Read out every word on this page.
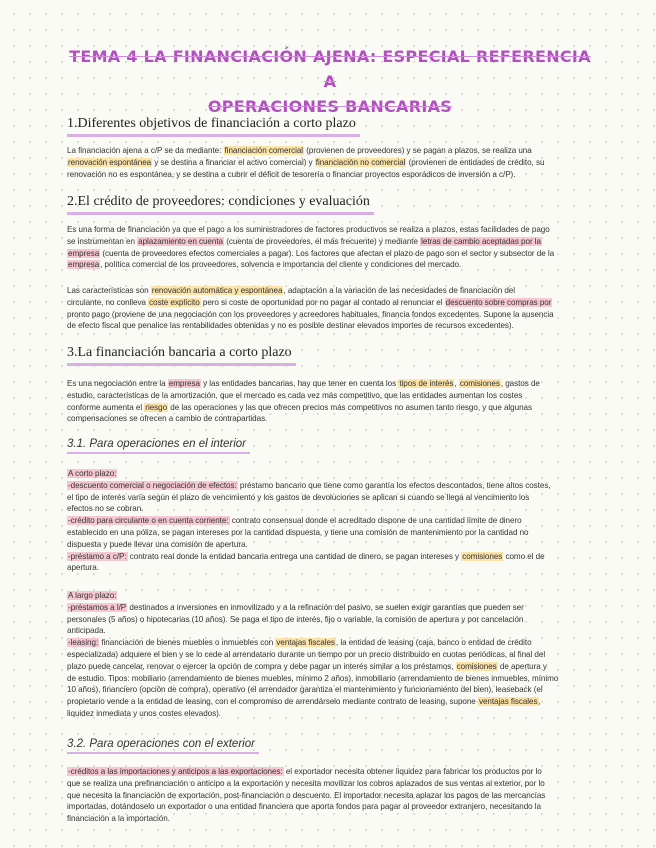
TEMA 4 LA FINANCIACIÓN AJENA: ESPECIAL REFERENCIA A
OPERACIONES BANCARIAS
1.Diferentes objetivos de financiación a corto plazo
La financiación ajena a c/P se da mediante: financiación comercial (provienen de proveedores) y se pagan a plazos, se realiza una
renovación espontánea y se destina a financiar el activo comercial) y financiación no comercial (provienen de entidades de crédito, su
renovación no es espontánea, y se destina a cubrir el déficit de tesorería o financiar proyectos esporádicos de inversión a c/P).
2.El crédito de proveedores: condiciones y evaluación
Es una forma de financiación ya que el pago a los suministradores de factores productivos se realiza a plazos, estas facilidades de pago
se instrumentan en aplazamiento en cuenta (cuenta de proveedores, el más frecuente) y mediante letras de cambio aceptadas por la
empresa (cuenta de proveedores efectos comerciales a pagar). Los factores que afectan el plazo de pago son el sector y subsector de la
empresa, política comercial de los proveedores, solvencia e importancia del cliente y condiciones del mercado.
Las características son renovación automática y espontánea, adaptación a la variación de las necesidades de financiación del
circulante, no conlleva coste explícito pero si coste de oportunidad por no pagar al contado al renunciar el descuento sobre compras por
pronto pago (proviene de una negociación con los proveedores y acreedores habituales, financia fondos excedentes. Supone la ausencia
de efecto fiscal que penalice las rentabilidades obtenidas y no es posible destinar elevados importes de recursos excedentes).
3.La financiación bancaria a corto plazo
Es una negociación entre la empresa y las entidades bancarias, hay que tener en cuenta los tipos de interés, comisiones, gastos de
estudio, características de la amortización, que el mercado es cada vez más competitivo, que las entidades aumentan los costes
conforme aumenta el riesgo de las operaciones y las que ofrecen precios más competitivos no asumen tanto riesgo, y que algunas
compensaciones se ofrecen a cambio de contrapartidas.
3.1. Para operaciones en el interior
A corto plazo:
-descuento comercial o negociación de efectos: préstamo bancario que tiene como garantía los efectos descontados, tiene altos costes,
el tipo de interés varía según el plazo de vencimiento y los gastos de devoluciones se aplican si cuando se llega al vencimiento los
efectos no se cobran.
-crédito para circulante o en cuenta corriente: contrato consensual donde el acreditado dispone de una cantidad límite de dinero
establecido en una póliza, se pagan intereses por la cantidad dispuesta, y tiene una comisión de mantenimiento por la cantidad no
dispuesta y puede llevar una comisión de apertura.
-préstamo a c/P: contrato real donde la entidad bancaria entrega una cantidad de dinero, se pagan intereses y comisiones como el de
apertura.
A largo plazo:
-préstamos a l/P destinados a inversiones en inmovilizado y a la refinación del pasivo, se suelen exigir garantías que pueden ser
personales (5 años) o hipotecarias (10 años). Se paga el tipo de interés, fijo o variable, la comisión de apertura y por cancelación
anticipada.
-leasing: financiación de bienes muebles o inmuebles con ventajas fiscales, la entidad de leasing (caja, banco o entidad de crédito
especializada) adquiere el bien y se lo cede al arrendatario durante un tiempo por un precio distribuido en cuotas periódicas, al final del
plazo puede cancelar, renovar o ejercer la opción de compra y debe pagar un interés similar a los préstamos, comisiones de apertura y
de estudio. Tipos: mobiliario (arrendamiento de bienes muebles, mínimo 2 años), inmobiliario (arrendamiento de bienes inmuebles, mínimo
10 años), financiero (opción de compra), operativo (el arrendador garantiza el mantenimiento y funcionamiento del bien), leaseback (el
propietario vende a la entidad de leasing, con el compromiso de arrendárselo mediante contrato de leasing, supone ventajas fiscales,
liquidez inmediata y unos costes elevados).
3.2. Para operaciones con el exterior
-créditos a las importaciones y anticipos a las exportaciones: el exportador necesita obtener liquidez para fabricar los productos por lo
que se realiza una prefinanciación o anticipo a la exportación y necesita movilizar los cobros aplazados de sus ventas al exterior, por lo
que necesita la financiación de exportación, post-financiación o descuento. El importador necesita aplazar los pagos de las mercancías
importadas, dotándoselo un exportador o una entidad financiera que aporta fondos para pagar al proveedor extranjero, necesitando la
financiación a la importación.
